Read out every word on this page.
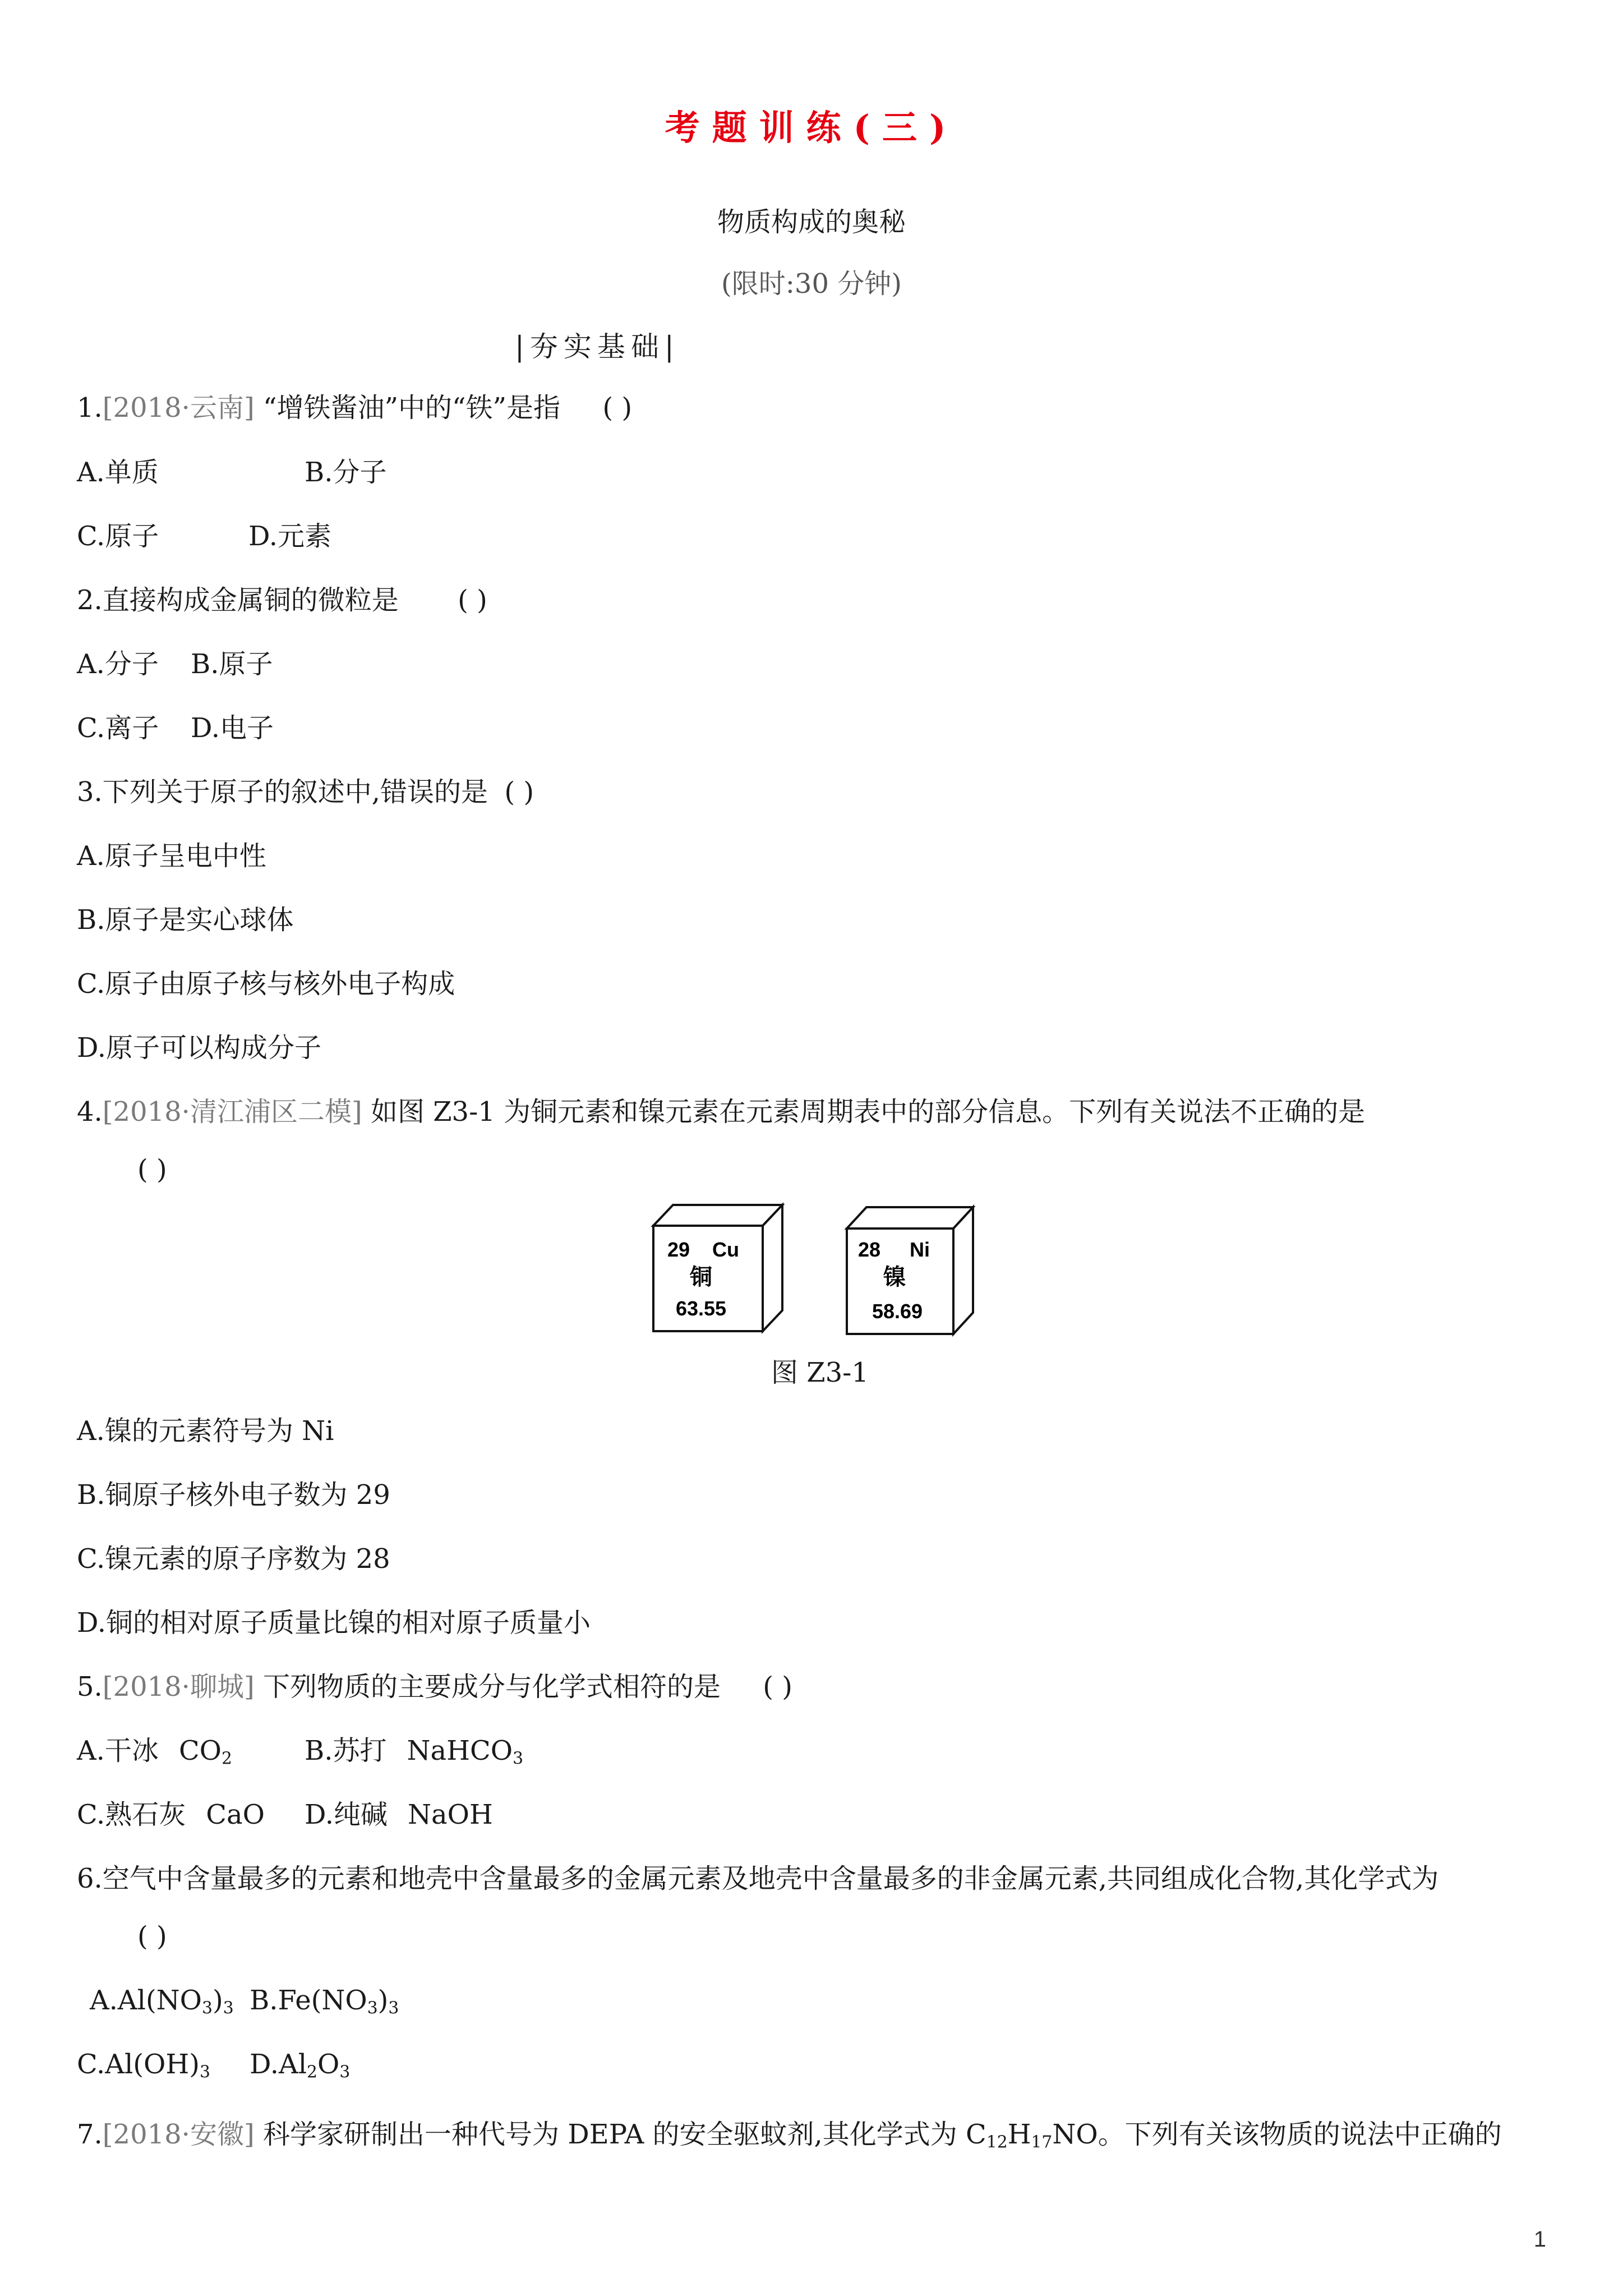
考题训练(三)
物质构成的奥秘
(限时:30 分钟)
|夯实基础|
1.[2018·云南] “增铁酱油”中的“铁”是指 ( )
A.单质	B.分子
C.原子	D.元素
2.直接构成金属铜的微粒是 ( )
A.分子 B.原子
C.离子 D.电子
3.下列关于原子的叙述中,错误的是 ( )
A.原子呈电中性
B.原子是实心球体
C.原子由原子核与核外电子构成
D.原子可以构成分子
4.[2018·清江浦区二模] 如图 Z3-1 为铜元素和镍元素在元素周期表中的部分信息。下列有关说法不正确的是
( )
29 Cu
铜
63.55
28 Ni
镍
58.69
图 Z3-1
A.镍的元素符号为 Ni
B.铜原子核外电子数为 29
C.镍元素的原子序数为 28
D.铜的相对原子质量比镍的相对原子质量小
5.[2018·聊城] 下列物质的主要成分与化学式相符的是 ( )
A.干冰 $CO_2$	B.苏打 NaHCO$_3$
C.熟石灰 CaO D.纯碱 NaOH
6.空气中含量最多的元素和地壳中含量最多的金属元素及地壳中含量最多的非金属元素,共同组成化合物,其化学式为
( )
$A.Al(NO_3)_3$ $B.Fe(NO_3)_3$
$C.Al(OH)_3$ $D.Al_2O_3$
7.[2018·安徽] 科学家研制出一种代号为 DEPA 的安全驱蚊剂,其化学式为 $C_{12}H_{17}NO$。下列有关该物质的说法中正确的
1
